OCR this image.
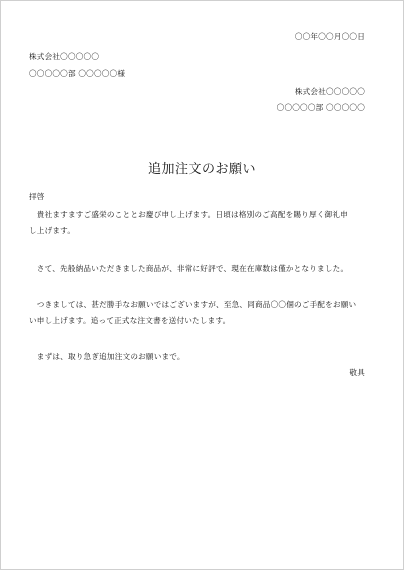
〇〇年〇〇月〇〇日

株式会社〇〇〇〇〇

〇〇〇〇〇部 〇〇〇〇〇様

株式会社〇〇〇〇〇

〇〇〇〇〇部 〇〇〇〇〇

追加注文のお願い

拝啓

　貴社ますますご盛栄のこととお慶び申し上げます。日頃は格別のご高配を賜り厚く御礼申

し上げます。

　さて、先般納品いただきました商品が、非常に好評で、現在在庫数は僅かとなりました。

　つきましては、甚だ勝手なお願いではございますが、至急、同商品〇〇個のご手配をお願い

い申し上げます。追って正式な注文書を送付いたします。

　まずは、取り急ぎ追加注文のお願いまで。

敬具
